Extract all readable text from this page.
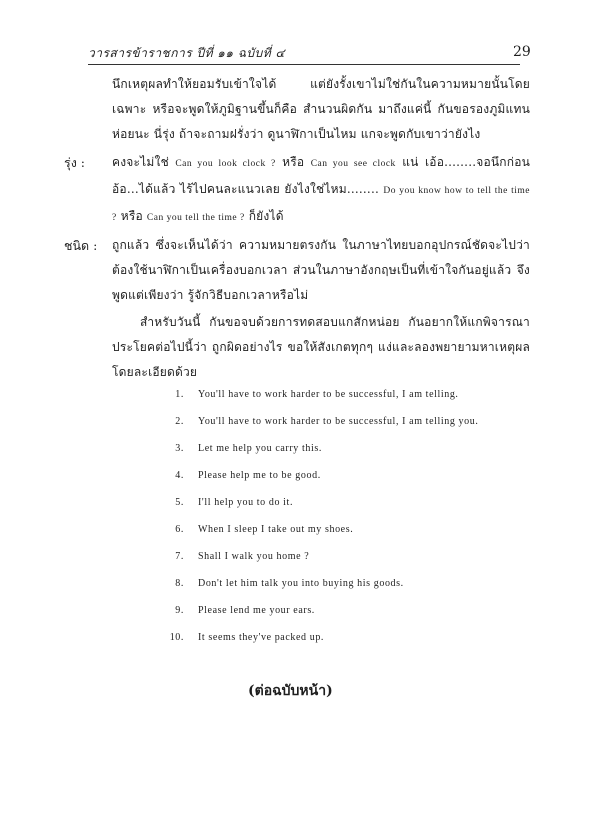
วารสารข้าราชการ ปีที่ ๑๑ ฉบับที่ ๔	29
นึกเหตุผลทำให้ยอมรับเข้าใจได้ แต่ยังรั้งเขาไม่ใช่กันในความหมายนั้นโดยเฉพาะ หรือจะพูดให้ภูมิฐานขึ้นก็คือ สำนวนผิดกัน มาถึงแค่นี้ กันขอรองภูมิแทนห่อยนะ นี่รุ่ง ถ้าจะถามฝรั่งว่า ดูนาฬิกาเป็นไหม แกจะพูดกับเขาว่ายังไง
รุ่ง :	คงจะไม่ใช่ Can you look clock ? หรือ Can you see clock แน่ เอ้อ........จอนึกก่อน อ้อ...ได้แล้ว ไร้ไปคนละแนวเลย ยังไงใช่ไหม........ Do you know how to tell the time ? หรือ Can you tell the time ? ก็ยังได้
ชนิด :	ถูกแล้ว ซึ่งจะเห็นได้ว่า ความหมายตรงกัน ในภาษาไทยบอกอุปกรณ์ชัดจะไปว่าต้องใช้นาฬิกาเป็นเครื่องบอกเวลา ส่วนในภาษาอังกฤษเป็นที่เข้าใจกันอยู่แล้ว จึงพูดแต่เพียงว่า รู้จักวิธีบอกเวลาหรือไม่
สำหรับวันนี้ กันขอจบด้วยการทดสอบแกสักหน่อย กันอยากให้แกพิจารณาประโยคต่อไปนี้ว่า ถูกผิดอย่างไร ขอให้สังเกตทุกๆ แง่และลองพยายามหาเหตุผลโดยละเอียดด้วย
1.	You'll have to work harder to be successful, I am telling.
2.	You'll have to work harder to be successful, I am telling you.
3.	Let me help you carry this.
4.	Please help me to be good.
5.	I'll help you to do it.
6.	When I sleep I take out my shoes.
7.	Shall I walk you home ?
8.	Don't let him talk you into buying his goods.
9.	Please lend me your ears.
10.	It seems they've packed up.
(ต่อฉบับหน้า)
